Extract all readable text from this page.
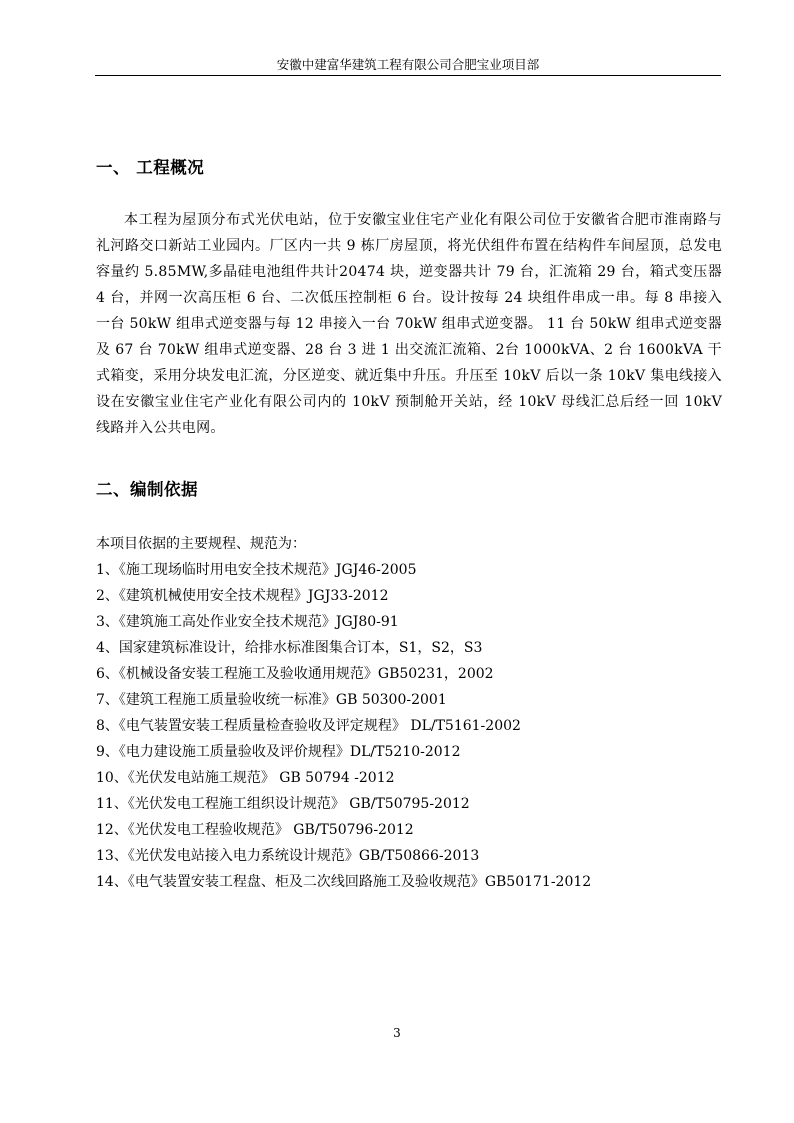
安徽中建富华建筑工程有限公司合肥宝业项目部
一、 工程概况
本工程为屋顶分布式光伏电站，位于安徽宝业住宅产业化有限公司位于安徽省合肥市淮南路与礼河路交口新站工业园内。厂区内一共 9 栋厂房屋顶，将光伏组件布置在结构件车间屋顶，总发电容量约 5.85MW,多晶硅电池组件共计20474 块，逆变器共计 79 台，汇流箱 29 台，箱式变压器 4 台，并网一次高压柜 6 台、二次低压控制柜 6 台。设计按每 24 块组件串成一串。每 8 串接入一台 50kW 组串式逆变器与每 12 串接入一台 70kW 组串式逆变器。 11 台 50kW 组串式逆变器及 67 台 70kW 组串式逆变器、28 台 3 进 1 出交流汇流箱、2台 1000kVA、2 台 1600kVA 干式箱变，采用分块发电汇流，分区逆变、就近集中升压。升压至 10kV 后以一条 10kV 集电线接入设在安徽宝业住宅产业化有限公司内的 10kV 预制舱开关站，经 10kV 母线汇总后经一回 10kV 线路并入公共电网。
二、编制依据
本项目依据的主要规程、规范为：
1、《施工现场临时用电安全技术规范》JGJ46-2005
2、《建筑机械使用安全技术规程》JGJ33-2012
3、《建筑施工高处作业安全技术规范》JGJ80-91
4、国家建筑标准设计，给排水标准图集合订本，S1，S2，S3
6、《机械设备安装工程施工及验收通用规范》GB50231，2002
7、《建筑工程施工质量验收统一标准》GB 50300-2001
8、《电气装置安装工程质量检查验收及评定规程》 DL/T5161-2002
9、《电力建设施工质量验收及评价规程》DL/T5210-2012
10、《光伏发电站施工规范》 GB 50794 -2012
11、《光伏发电工程施工组织设计规范》 GB/T50795-2012
12、《光伏发电工程验收规范》 GB/T50796-2012
13、《光伏发电站接入电力系统设计规范》GB/T50866-2013
14、《电气装置安装工程盘、柜及二次线回路施工及验收规范》GB50171-2012
3
